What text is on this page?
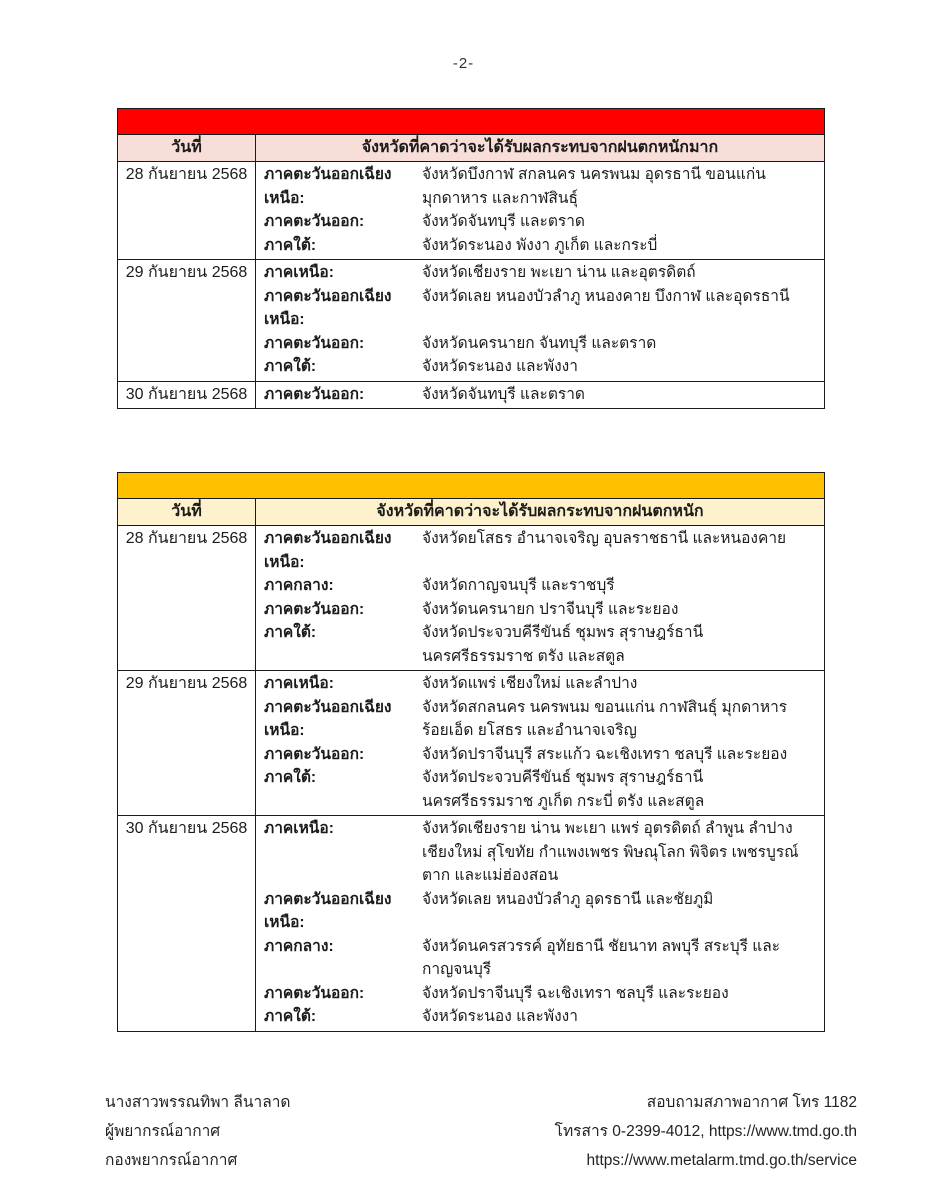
-2-
วันที่	จังหวัดที่คาดว่าจะได้รับผลกระทบจากฝนตกหนักมาก
28 กันยายน 2568	ภาคตะวันออกเฉียงเหนือ:
จังหวัดบึงกาฬ สกลนคร นครพนม อุดรธานี ขอนแก่น มุกดาหาร และกาฬสินธุ์
ภาคตะวันออก:	จังหวัดจันทบุรี และตราด
ภาคใต้:	จังหวัดระนอง พังงา ภูเก็ต และกระบี่
29 กันยายน 2568	ภาคเหนือ:	จังหวัดเชียงราย พะเยา น่าน และอุตรดิตถ์
ภาคตะวันออกเฉียงเหนือ:
จังหวัดเลย หนองบัวลำภู หนองคาย บึงกาฬ และอุดรธานี
ภาคตะวันออก:	จังหวัดนครนายก จันทบุรี และตราด
ภาคใต้:	จังหวัดระนอง และพังงา
30 กันยายน 2568	ภาคตะวันออก:	จังหวัดจันทบุรี และตราด
วันที่	จังหวัดที่คาดว่าจะได้รับผลกระทบจากฝนตกหนัก
28 กันยายน 2568	ภาคตะวันออกเฉียงเหนือ:
จังหวัดยโสธร อำนาจเจริญ อุบลราชธานี และหนองคาย
ภาคกลาง:	จังหวัดกาญจนบุรี และราชบุรี
ภาคตะวันออก:	จังหวัดนครนายก ปราจีนบุรี และระยอง
ภาคใต้:	จังหวัดประจวบคีรีขันธ์ ชุมพร สุราษฎร์ธานี นครศรีธรรมราช ตรัง และสตูล
29 กันยายน 2568	ภาคเหนือ:	จังหวัดแพร่ เชียงใหม่ และลำปาง
ภาคตะวันออกเฉียงเหนือ:
จังหวัดสกลนคร นครพนม ขอนแก่น กาฬสินธุ์ มุกดาหาร ร้อยเอ็ด ยโสธร และอำนาจเจริญ
ภาคตะวันออก:	จังหวัดปราจีนบุรี สระแก้ว ฉะเชิงเทรา ชลบุรี และระยอง
ภาคใต้:	จังหวัดประจวบคีรีขันธ์ ชุมพร สุราษฎร์ธานี นครศรีธรรมราช ภูเก็ต กระบี่ ตรัง และสตูล
30 กันยายน 2568	ภาคเหนือ:	จังหวัดเชียงราย น่าน พะเยา แพร่ อุตรดิตถ์ ลำพูน ลำปาง เชียงใหม่ สุโขทัย กำแพงเพชร พิษณุโลก พิจิตร เพชรบูรณ์ ตาก และแม่ฮ่องสอน
ภาคตะวันออกเฉียงเหนือ:
จังหวัดเลย หนองบัวลำภู อุดรธานี และชัยภูมิ
ภาคกลาง:	จังหวัดนครสวรรค์ อุทัยธานี ชัยนาท ลพบุรี สระบุรี และกาญจนบุรี
ภาคตะวันออก:	จังหวัดปราจีนบุรี ฉะเชิงเทรา ชลบุรี และระยอง
ภาคใต้:	จังหวัดระนอง และพังงา
นางสาวพรรณทิพา ลีนาลาด
ผู้พยากรณ์อากาศ
กองพยากรณ์อากาศ
สอบถามสภาพอากาศ โทร 1182
โทรสาร 0-2399-4012, https://www.tmd.go.th
https://www.metalarm.tmd.go.th/service
